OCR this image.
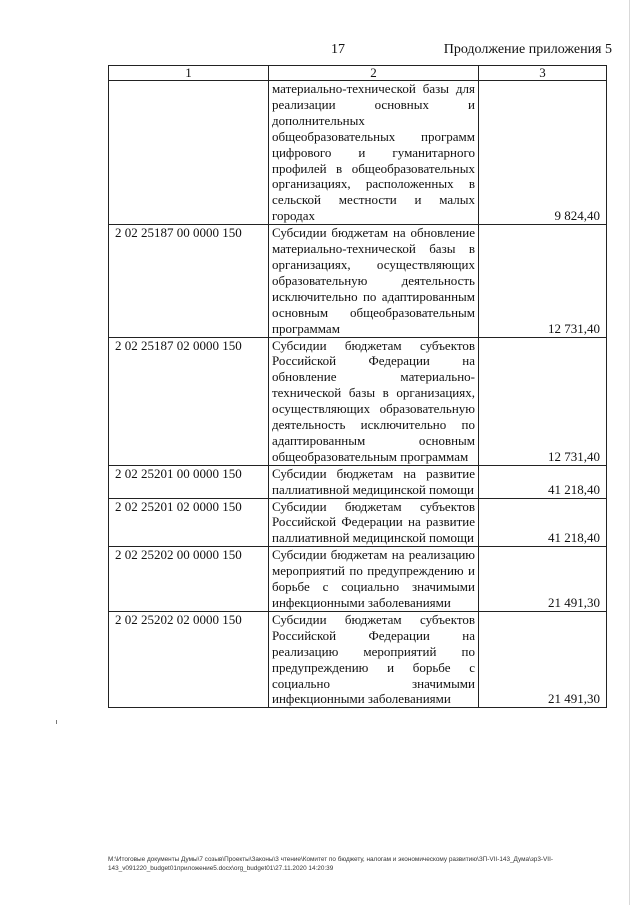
17	Продолжение приложения 5
1	2	3
	материально-технической базы для реализации основных и дополнительных общеобразовательных программ цифрового и гуманитарного профилей в общеобразовательных организациях, расположенных в сельской местности и малых городах	9 824,40
2 02 25187 00 0000 150	Субсидии бюджетам на обновление материально-технической базы в организациях, осуществляющих образовательную деятельность исключительно по адаптированным основным общеобразовательным программам	12 731,40
2 02 25187 02 0000 150	Субсидии бюджетам субъектов Российской Федерации на обновление материально-технической базы в организациях, осуществляющих образовательную деятельность исключительно по адаптированным основным общеобразовательным программам	12 731,40
2 02 25201 00 0000 150	Субсидии бюджетам на развитие паллиативной медицинской помощи	41 218,40
2 02 25201 02 0000 150	Субсидии бюджетам субъектов Российской Федерации на развитие паллиативной медицинской помощи	41 218,40
2 02 25202 00 0000 150	Субсидии бюджетам на реализацию мероприятий по предупреждению и борьбе с социально значимыми инфекционными заболеваниями	21 491,30
2 02 25202 02 0000 150	Субсидии бюджетам субъектов Российской Федерации на реализацию мероприятий по предупреждению и борьбе с социально значимыми инфекционными заболеваниями	21 491,30
М:\Итоговые документы Думы\7 созыв\Проекты\Законы\3 чтение\Комитет по бюджету, налогам и экономическому развитию\ЗП-VII-143_Дума\зр3-VII-143_v091220_budget01приложение5.docx\org_budget01\27.11.2020 14:20:39
